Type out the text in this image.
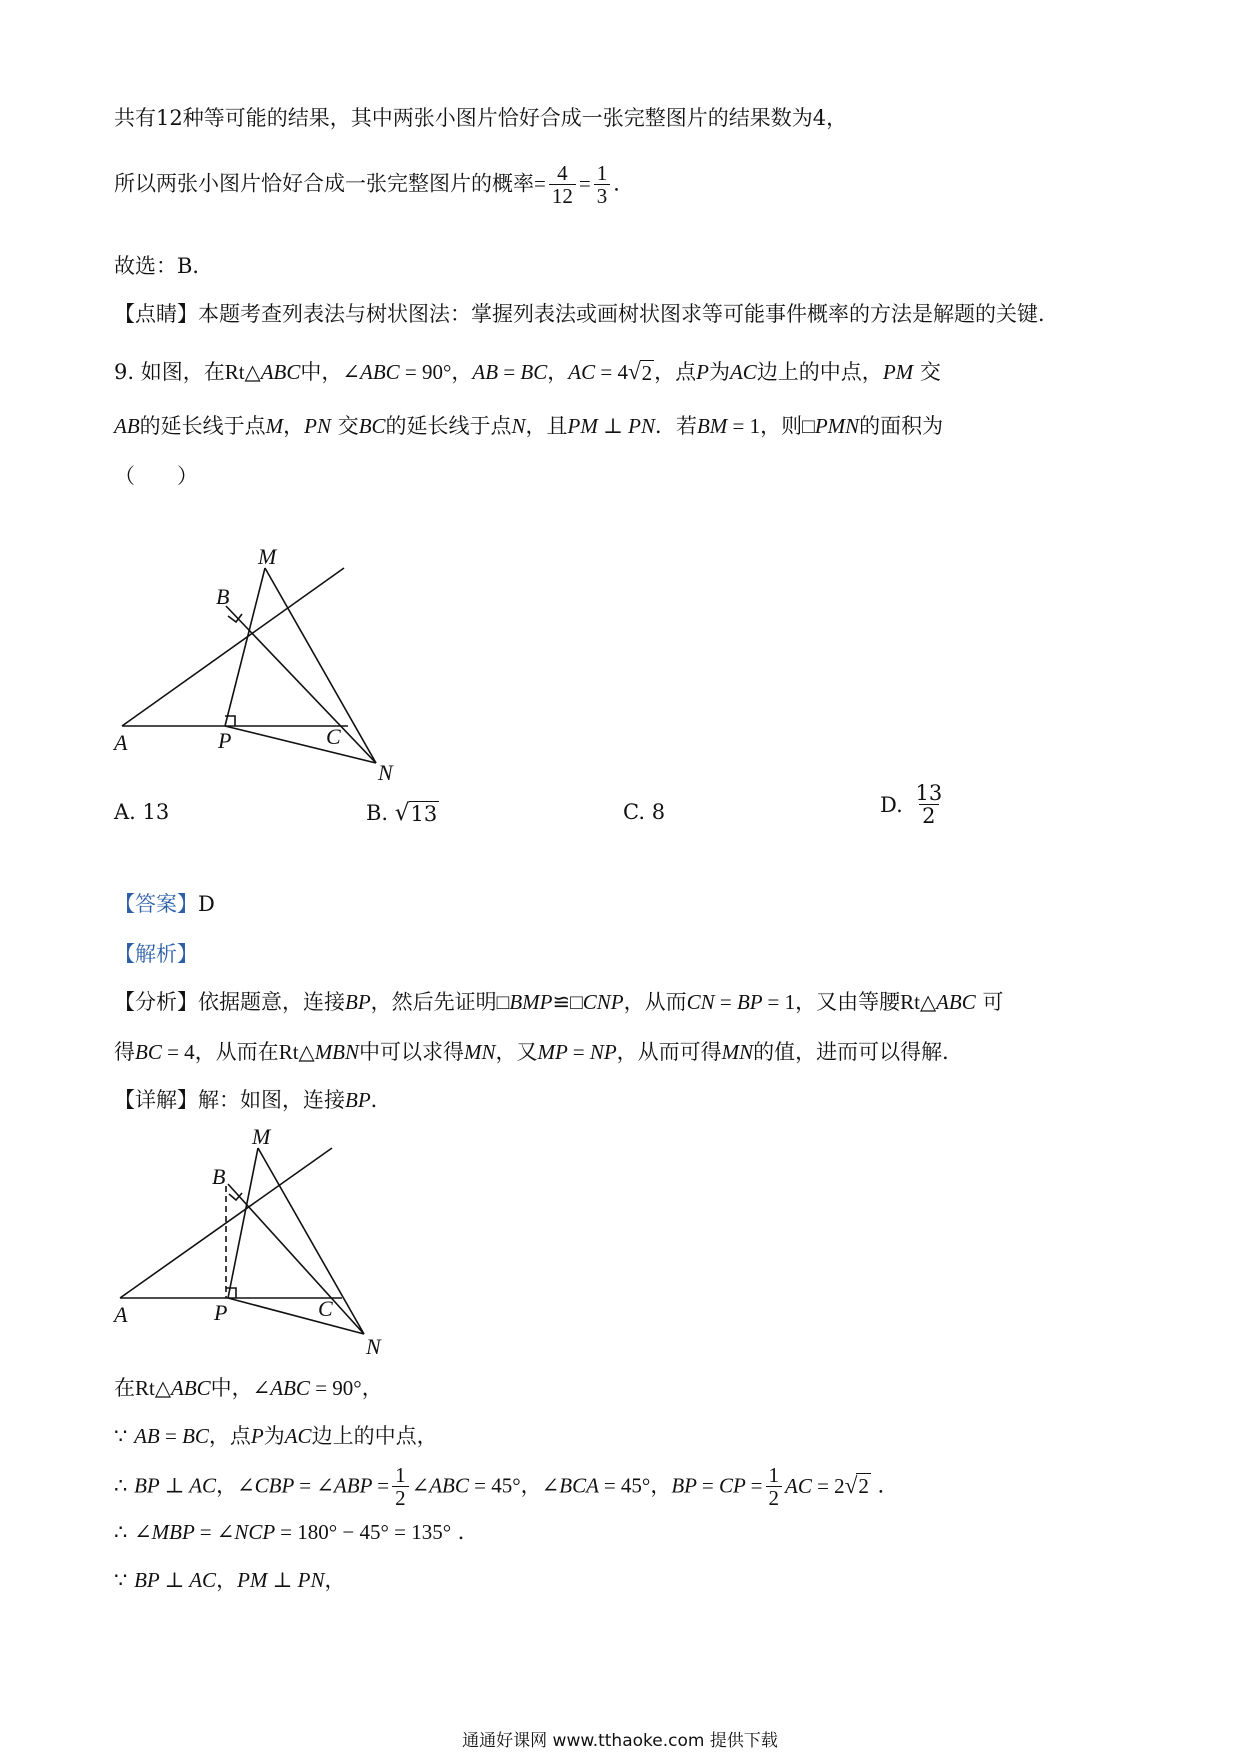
共有12种等可能的结果，其中两张小图片恰好合成一张完整图片的结果数为4，
所以两张小图片恰好合成一张完整图片的概率= $\frac{4}{12} = \frac{1}{3}$ ．
故选：B．
【点睛】本题考查列表法与树状图法：掌握列表法或画树状图求等可能事件概率的方法是解题的关键．
9. 如图，在Rt△ABC中，∠ABC = 90°，AB = BC，AC = 4 √ 2 ，点P为AC边上的中点，PM 交
AB的延长线于点M，PN 交BC的延长线于点N，且PM ⊥ PN．若BM = 1，则□PMN的面积为
（　　）
M
B
A	P	C
N
A. 13	B. √ 13	C. 8	D. $\frac{13}{2}$
【答案】D
【解析】
【分析】依据题意，连接BP，然后先证明□BMP≌□CNP，从而CN = BP = 1，又由等腰Rt△ABC 可
得BC = 4，从而在Rt△MBN中可以求得MN，又MP = NP，从而可得MN的值，进而可以得解．
【详解】解：如图，连接BP．
M
B
A	P	C
N
在Rt△ABC中，∠ABC = 90°，
∵ AB = BC，点P为AC边上的中点，
∴ BP ⊥ AC，∠CBP = ∠ABP = $\frac{1}{2}$ ∠ABC = 45°，∠BCA = 45°，BP = CP = $\frac{1}{2}$ AC = 2 √ 2 ．
∴ ∠MBP = ∠NCP = 180° − 45° = 135° ．
∵ BP ⊥ AC，PM ⊥ PN，
通通好课网 www.tthaoke.com 提供下载
